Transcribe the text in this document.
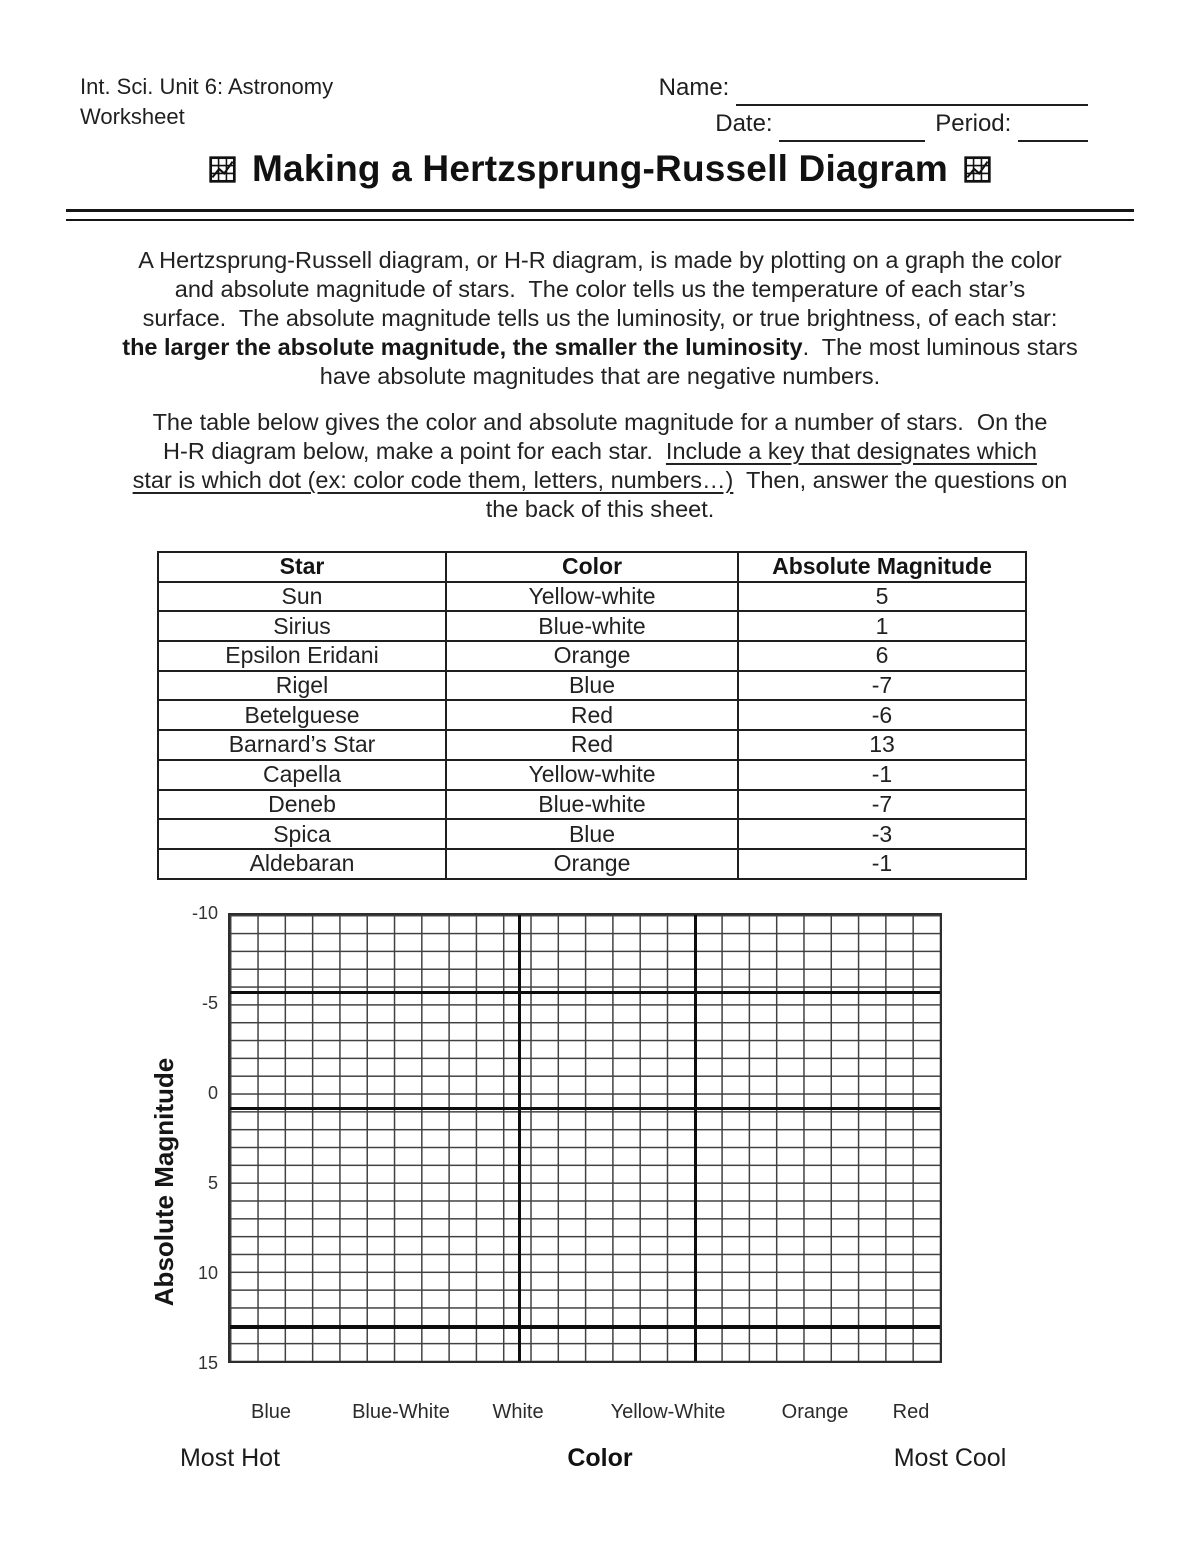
Int. Sci. Unit 6: Astronomy
Worksheet
Name:
Date:	Period:
Making a Hertzsprung-Russell Diagram
A Hertzsprung-Russell diagram, or H-R diagram, is made by plotting on a graph the color
and absolute magnitude of stars.  The color tells us the temperature of each star’s
surface.  The absolute magnitude tells us the luminosity, or true brightness, of each star:
the larger the absolute magnitude, the smaller the luminosity.  The most luminous stars
have absolute magnitudes that are negative numbers.
The table below gives the color and absolute magnitude for a number of stars.  On the
H-R diagram below, make a point for each star.  Include a key that designates which
star is which dot (ex: color code them, letters, numbers…)  Then, answer the questions on
the back of this sheet.
Star	Color	Absolute Magnitude
Sun	Yellow-white	5
Sirius	Blue-white	1
Epsilon Eridani	Orange	6
Rigel	Blue	-7
Betelguese	Red	-6
Barnard’s Star	Red	13
Capella	Yellow-white	-1
Deneb	Blue-white	-7
Spica	Blue	-3
Aldebaran	Orange	-1
Absolute Magnitude
-10
-5
0
5
10
15
Blue	Blue-White	White	Yellow-White	Orange	Red
Most Hot	Color	Most Cool
